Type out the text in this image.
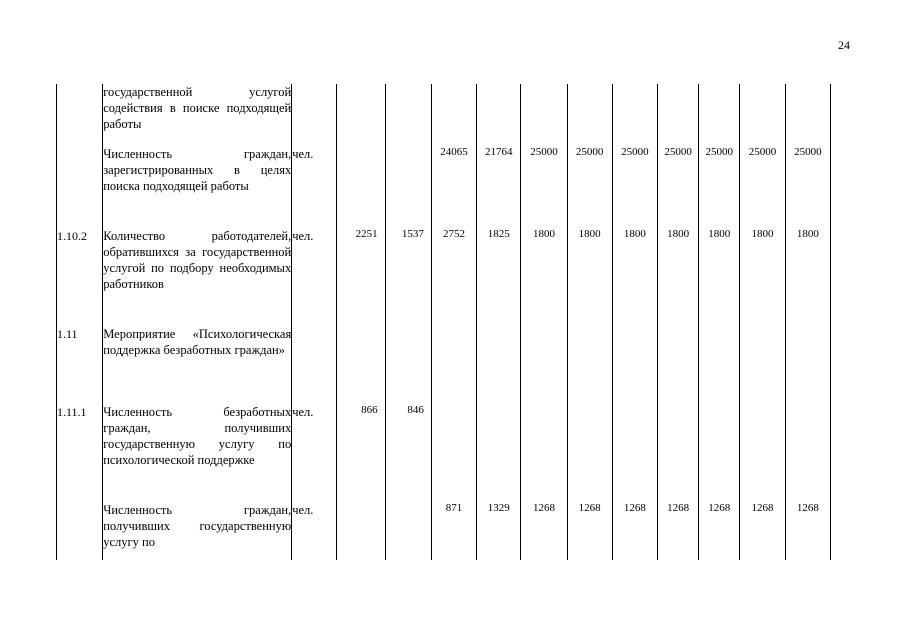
24
	государственной услугой содействия в поиске подходящей работы												
	Численность граждан, зарегистрированных в целях поиска подходящей работы	чел.			24065	21764	25000	25000	25000	25000	25000	25000	25000
1.10.2	Количество работодателей, обратившихся за государственной услугой по подбору необходимых работников	чел.	2251	1537	2752	1825	1800	1800	1800	1800	1800	1800	1800
1.11	Мероприятие «Психологическая поддержка безработных граждан»												
1.11.1	Численность безработных граждан, получивших государственную услугу по психологической поддержке	чел.	866	846									
	Численность граждан, получивших государственную услугу по	чел.			871	1329	1268	1268	1268	1268	1268	1268	1268
